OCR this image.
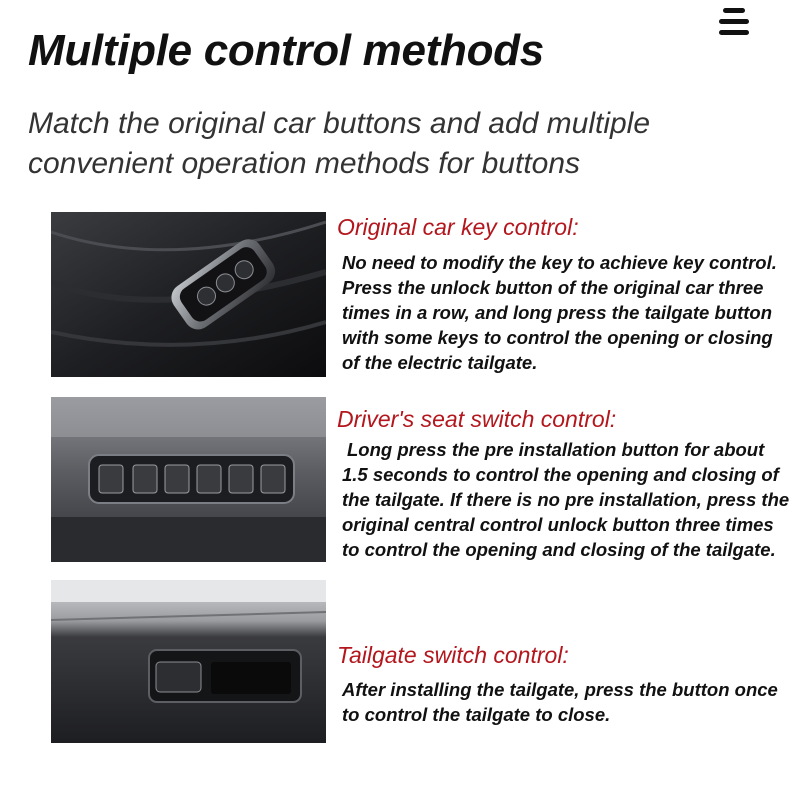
Multiple control methods

Match the original car buttons and add multiple convenient operation methods for buttons

Original car key control:

No need to modify the key to achieve key control. Press the unlock button of the original car three times in a row, and long press the tailgate button with some keys to control the opening or closing of the electric tailgate.

Driver's seat switch control:

Long press the pre installation button for about 1.5 seconds to control the opening and closing of the tailgate. If there is no pre installation, press the original central control unlock button three times to control the opening and closing of the tailgate.

Tailgate switch control:

After installing the tailgate, press the button once to control the tailgate to close.
